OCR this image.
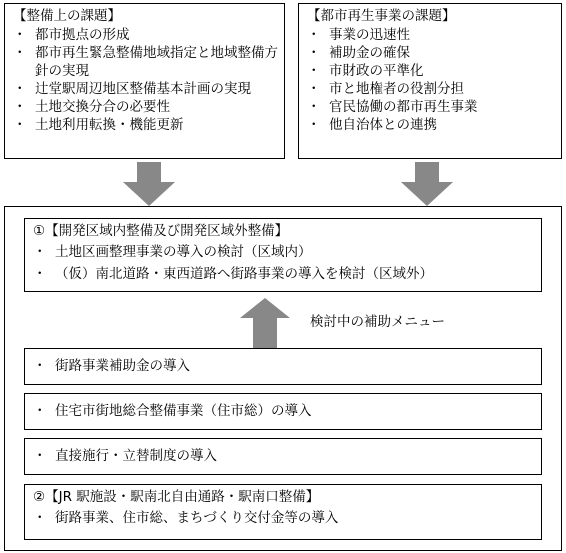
【整備上の課題】
・ 都市拠点の形成
・ 都市再生緊急整備地域指定と地域整備方針の実現
・ 辻堂駅周辺地区整備基本計画の実現
・ 土地交換分合の必要性
・ 土地利用転換・機能更新
【都市再生事業の課題】
・ 事業の迅速性
・ 補助金の確保
・ 市財政の平準化
・ 市と地権者の役割分担
・ 官民協働の都市再生事業
・ 他自治体との連携
①【開発区域内整備及び開発区域外整備】
・ 土地区画整理事業の導入の検討（区域内）
・ （仮）南北道路・東西道路へ街路事業の導入を検討（区域外）
検討中の補助メニュー
・ 街路事業補助金の導入
・ 住宅市街地総合整備事業（住市総）の導入
・ 直接施行・立替制度の導入
②【JR 駅施設・駅南北自由通路・駅南口整備】
・ 街路事業、住市総、まちづくり交付金等の導入
